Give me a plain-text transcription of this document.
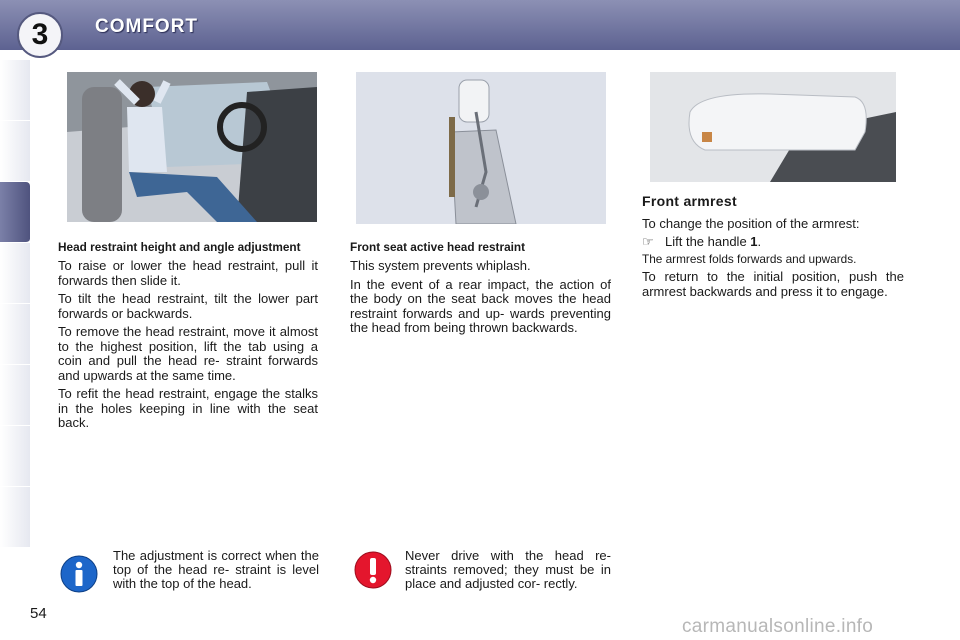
3	COMFORT
Head restraint height and angle adjustment

To raise or lower the head restraint, pull it forwards then slide it.

To tilt the head restraint, tilt the lower part forwards or backwards.

To remove the head restraint, move it almost to the highest position, lift the tab using a coin and pull the head re- straint forwards and upwards at the same time.

To refit the head restraint, engage the stalks in the holes keeping in line with the seat back.

Front seat active head restraint

This system prevents whiplash.

In the event of a rear impact, the action of the body on the seat back moves the head restraint forwards and up- wards preventing the head from being thrown backwards.

Front armrest

To change the position of the armrest:

☞ Lift the handle 1.

The armrest folds forwards and upwards.

To return to the initial position, push the armrest backwards and press it to engage.

The adjustment is correct when the top of the head re- straint is level with the top of the head.
Never drive with the head re- straints removed; they must be in place and adjusted cor- rectly.
54
carmanualsonline.info
